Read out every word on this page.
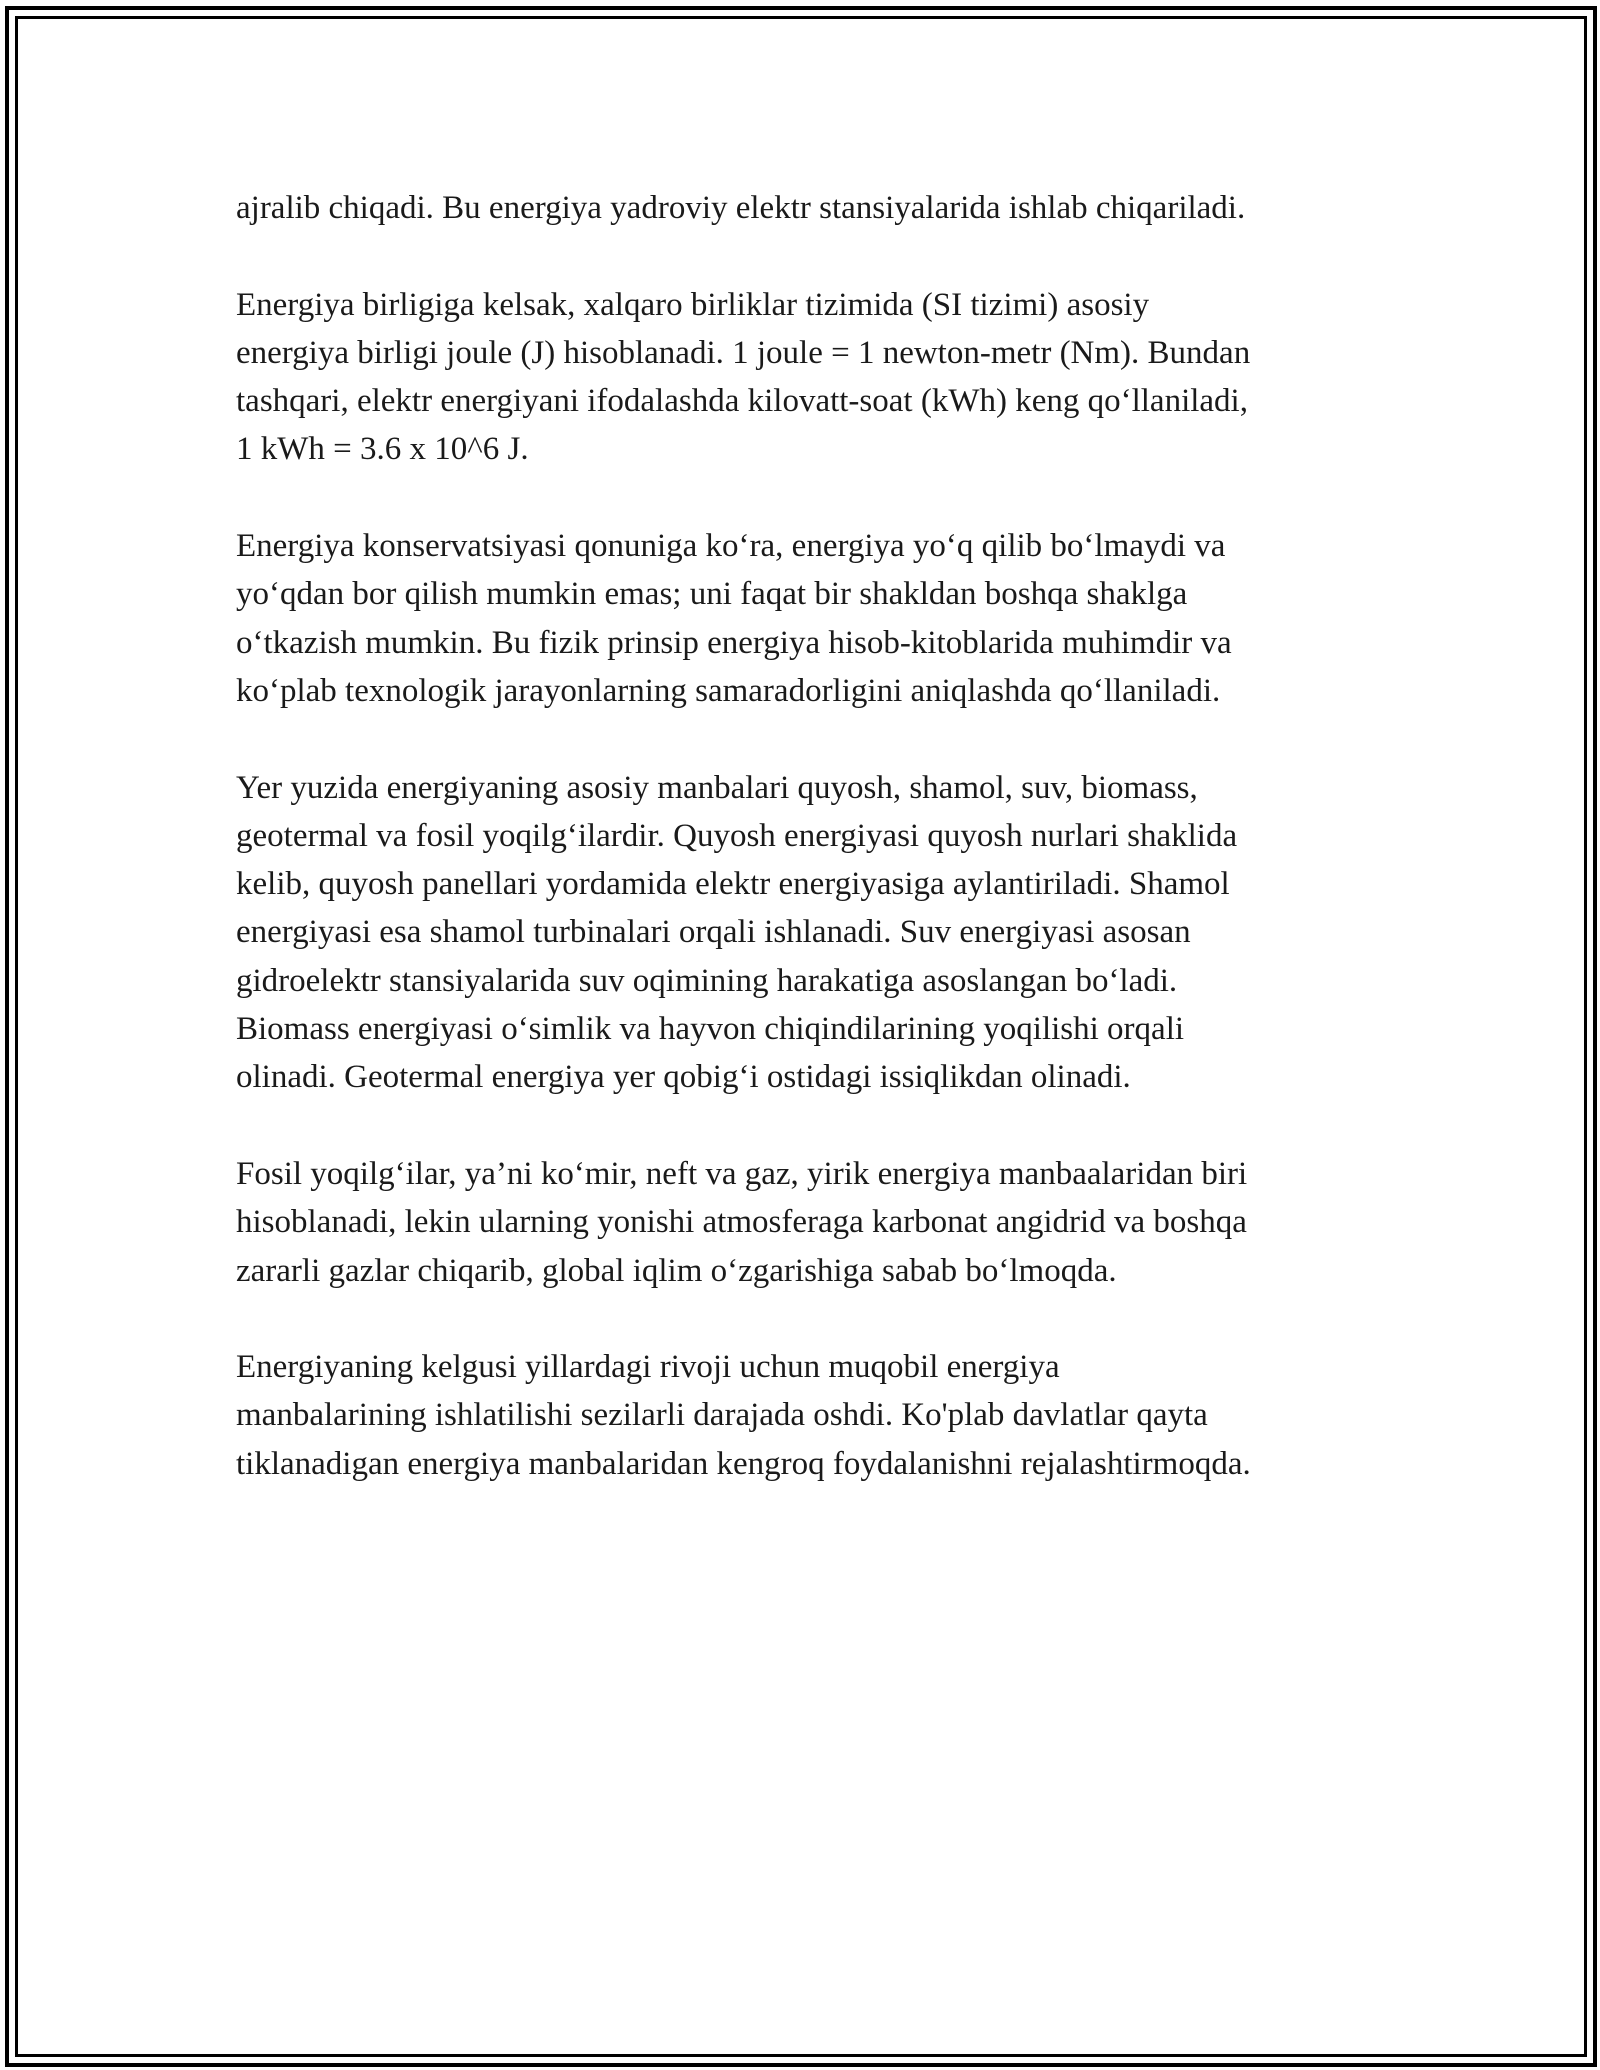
ajralib chiqadi. Bu energiya yadroviy elektr stansiyalarida ishlab chiqariladi.

Energiya birligiga kelsak, xalqaro birliklar tizimida (SI tizimi) asosiy
energiya birligi joule (J) hisoblanadi. 1 joule = 1 newton-metr (Nm). Bundan
tashqari, elektr energiyani ifodalashda kilovatt-soat (kWh) keng qo‘llaniladi,
1 kWh = 3.6 x 10^6 J.

Energiya konservatsiyasi qonuniga ko‘ra, energiya yo‘q qilib bo‘lmaydi va
yo‘qdan bor qilish mumkin emas; uni faqat bir shakldan boshqa shaklga
o‘tkazish mumkin. Bu fizik prinsip energiya hisob-kitoblarida muhimdir va
ko‘plab texnologik jarayonlarning samaradorligini aniqlashda qo‘llaniladi.

Yer yuzida energiyaning asosiy manbalari quyosh, shamol, suv, biomass,
geotermal va fosil yoqilg‘ilardir. Quyosh energiyasi quyosh nurlari shaklida
kelib, quyosh panellari yordamida elektr energiyasiga aylantiriladi. Shamol
energiyasi esa shamol turbinalari orqali ishlanadi. Suv energiyasi asosan
gidroelektr stansiyalarida suv oqimining harakatiga asoslangan bo‘ladi.
Biomass energiyasi o‘simlik va hayvon chiqindilarining yoqilishi orqali
olinadi. Geotermal energiya yer qobig‘i ostidagi issiqlikdan olinadi.

Fosil yoqilg‘ilar, ya’ni ko‘mir, neft va gaz, yirik energiya manbaalaridan biri
hisoblanadi, lekin ularning yonishi atmosferaga karbonat angidrid va boshqa
zararli gazlar chiqarib, global iqlim o‘zgarishiga sabab bo‘lmoqda.

Energiyaning kelgusi yillardagi rivoji uchun muqobil energiya
manbalarining ishlatilishi sezilarli darajada oshdi. Ko'plab davlatlar qayta
tiklanadigan energiya manbalaridan kengroq foydalanishni rejalashtirmoqda.
